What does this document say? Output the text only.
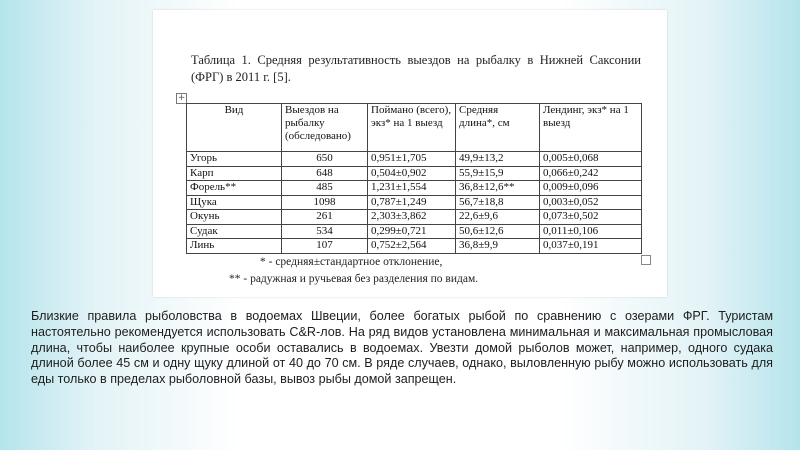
Таблица 1. Средняя результативность выездов на рыбалку в Нижней Саксонии (ФРГ) в 2011 г. [5].
+
Вид	Выездов на рыбалку (обследовано)	Поймано (всего), экз* на 1 выезд	Средняя длина*, см	Лендинг, экз* на 1 выезд
Угорь	650	0,951±1,705	49,9±13,2	0,005±0,068
Карп	648	0,504±0,902	55,9±15,9	0,066±0,242
Форель**	485	1,231±1,554	36,8±12,6**	0,009±0,096
Щука	1098	0,787±1,249	56,7±18,8	0,003±0,052
Окунь	261	2,303±3,862	22,6±9,6	0,073±0,502
Судак	534	0,299±0,721	50,6±12,6	0,011±0,106
Линь	107	0,752±2,564	36,8±9,9	0,037±0,191
* - средняя±стандартное отклонение,
** - радужная и ручьевая без разделения по видам.
Близкие правила рыболовства в водоемах Швеции, более богатых рыбой по сравнению с озерами ФРГ. Туристам настоятельно рекомендуется использовать C&R-лов. На ряд видов установлена минимальная и максимальная промысловая длина, чтобы наиболее крупные особи оставались в водоемах. Увезти домой рыболов может, например, одного судака длиной более 45 см и одну щуку длиной от 40 до 70 см. В ряде случаев, однако, выловленную рыбу можно использовать для еды только в пределах рыболовной базы, вывоз рыбы домой запрещен.
